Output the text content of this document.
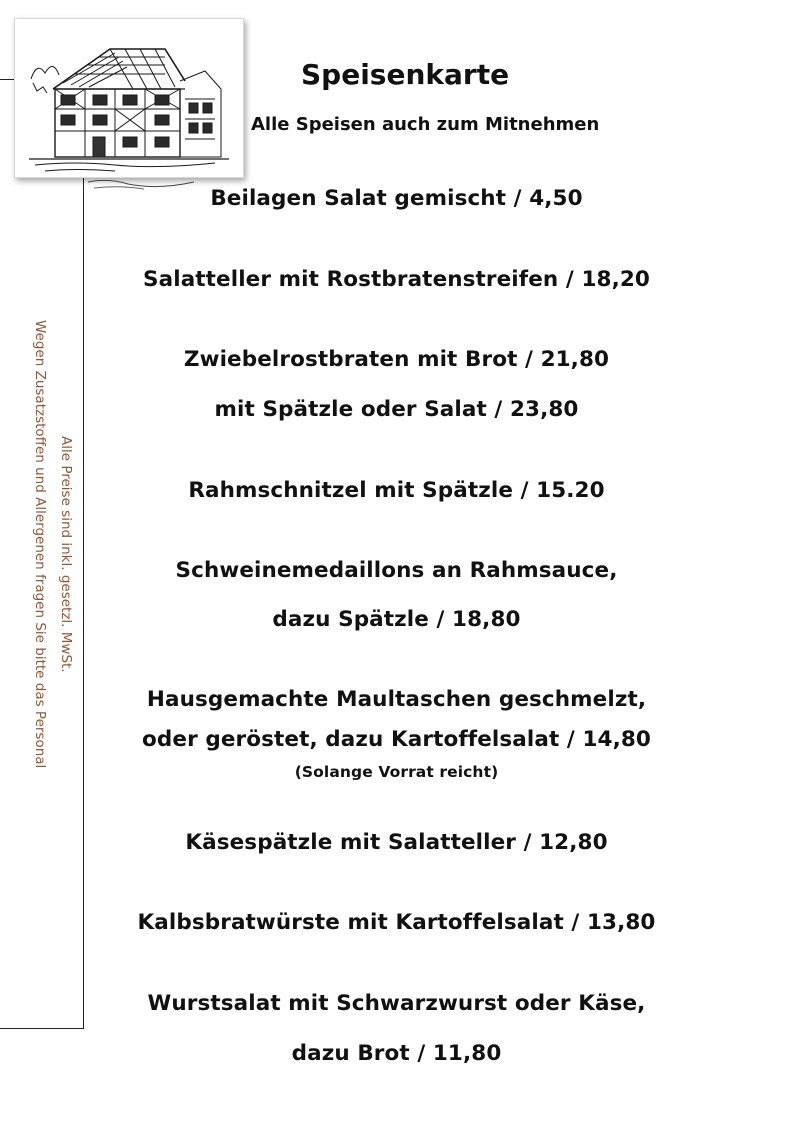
Wegen Zusatzstoffen und Allergenen fragen Sie bitte das Personal Alle Preise sind inkl. gesetzl. MwSt.
Speisenkarte
Alle Speisen auch zum Mitnehmen
Beilagen Salat gemischt / 4,50
Salatteller mit Rostbratenstreifen / 18,20
Zwiebelrostbraten mit Brot / 21,80
mit Spätzle oder Salat / 23,80
Rahmschnitzel mit Spätzle / 15.20
Schweinemedaillons an Rahmsauce,
dazu Spätzle / 18,80
Hausgemachte Maultaschen geschmelzt,
oder geröstet, dazu Kartoffelsalat / 14,80
(Solange Vorrat reicht)
Käsespätzle mit Salatteller / 12,80
Kalbsbratwürste mit Kartoffelsalat / 13,80
Wurstsalat mit Schwarzwurst oder Käse,
dazu Brot / 11,80
